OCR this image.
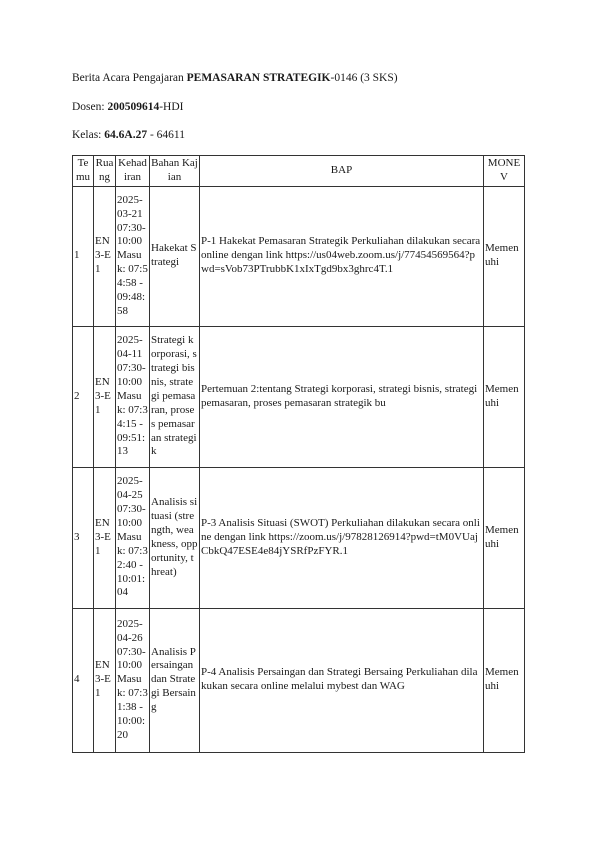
Berita Acara Pengajaran PEMASARAN STRATEGIK-0146 (3 SKS)
Dosen: 200509614-HDI
Kelas: 64.6A.27 - 64611
Te mu	Rua ng	Kehad iran	Bahan Kajian	BAP	MONE V
1	EN 3-E1	2025-03-21 07:30-10:00 Masuk: 07:54:58 - 09:48:58	Hakekat Strategi	P-1 Hakekat Pemasaran Strategik Perkuliahan dilakukan secara online dengan link https://us04web.zoom.us/j/77454569564?pwd=sVob73PTrubbK1xIxTgd9bx3ghrc4T.1	Memenuhi
2	EN 3-E1	2025-04-11 07:30-10:00 Masuk: 07:34:15 - 09:51:13	Strategi korporasi, strategi bisnis, strategi pemasaran, proses pemasaran strategik	Pertemuan 2:tentang Strategi korporasi, strategi bisnis, strategi pemasaran, proses pemasaran strategik bu	Memenuhi
3	EN 3-E1	2025-04-25 07:30-10:00 Masuk: 07:32:40 - 10:01:04	Analisis situasi (strength, weakness, opportunity, threat)	P-3 Analisis Situasi (SWOT) Perkuliahan dilakukan secara online dengan link https://zoom.us/j/97828126914?pwd=tM0VUajCbkQ47ESE4e84jYSRfPzFYR.1	Memenuhi
4	EN 3-E1	2025-04-26 07:30-10:00 Masuk: 07:31:38 - 10:00:20	Analisis Persaingan dan Strategi Bersaing	P-4 Analisis Persaingan dan Strategi Bersaing Perkuliahan dilakukan secara online melalui mybest dan WAG	Memenuhi
